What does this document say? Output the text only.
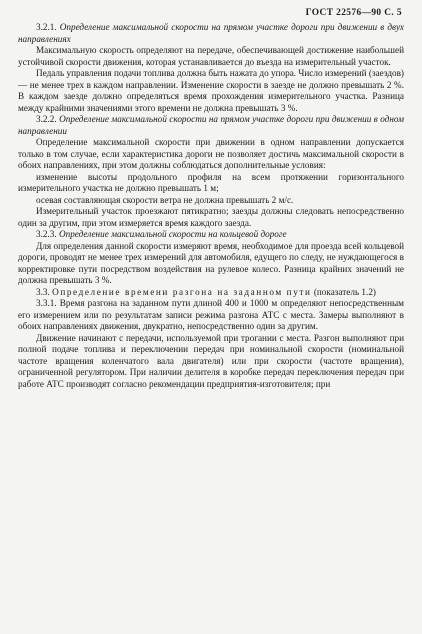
ГОСТ 22576—90 С. 5

3.2.1. Определение максимальной скорости на прямом участке дороги при движении в двух направлениях

Максимальную скорость определяют на передаче, обеспечивающей достижение наибольшей устойчивой скорости движения, которая устанавливается до въезда на измерительный участок.

Педаль управления подачи топлива должна быть нажата до упора. Число измерений (заездов) — не менее трех в каждом направлении. Изменение скорости в заезде не должно превышать 2 %. В каждом заезде должно определяться время прохождения измерительного участка. Разница между крайними значениями этого времени не должна превышать 3 %.

3.2.2. Определение максимальной скорости на прямом участке дороги при движении в одном направлении

Определение максимальной скорости при движении в одном направлении допускается только в том случае, если характеристика дороги не позволяет достичь максимальной скорости в обоих направлениях, при этом должны соблюдаться дополнительные условия:

изменение высоты продольного профиля на всем протяжении горизонтального измерительного участка не должно превышать 1 м;

осевая составляющая скорости ветра не должна превышать 2 м/с.

Измерительный участок проезжают пятикратно; заезды должны следовать непосредственно один за другим, при этом измеряется время каждого заезда.

3.2.3. Определение максимальной скорости на кольцевой дороге

Для определения данной скорости измеряют время, необходимое для проезда всей кольцевой дороги, проводят не менее трех измерений для автомобиля, едущего по следу, не нуждающегося в корректировке пути посредством воздействия на рулевое колесо. Разница крайних значений не должна превышать 3 %.

3.3. Определение времени разгона на заданном пути (показатель 1.2)

3.3.1. Время разгона на заданном пути длиной 400 и 1000 м определяют непосредственным его измерением или по результатам записи режима разгона АТС с места. Замеры выполняют в обоих направлениях движения, двукратно, непосредственно один за другим.

Движение начинают с передачи, используемой при трогании с места. Разгон выполняют при полной подаче топлива и переключении передач при номинальной скорости (номинальной частоте вращения коленчатого вала двигателя) или при скорости (частоте вращения), ограниченной регулятором. При наличии делителя в коробке передач переключения передач при работе АТС производят согласно рекомендации предприятия-изготовителя; при
